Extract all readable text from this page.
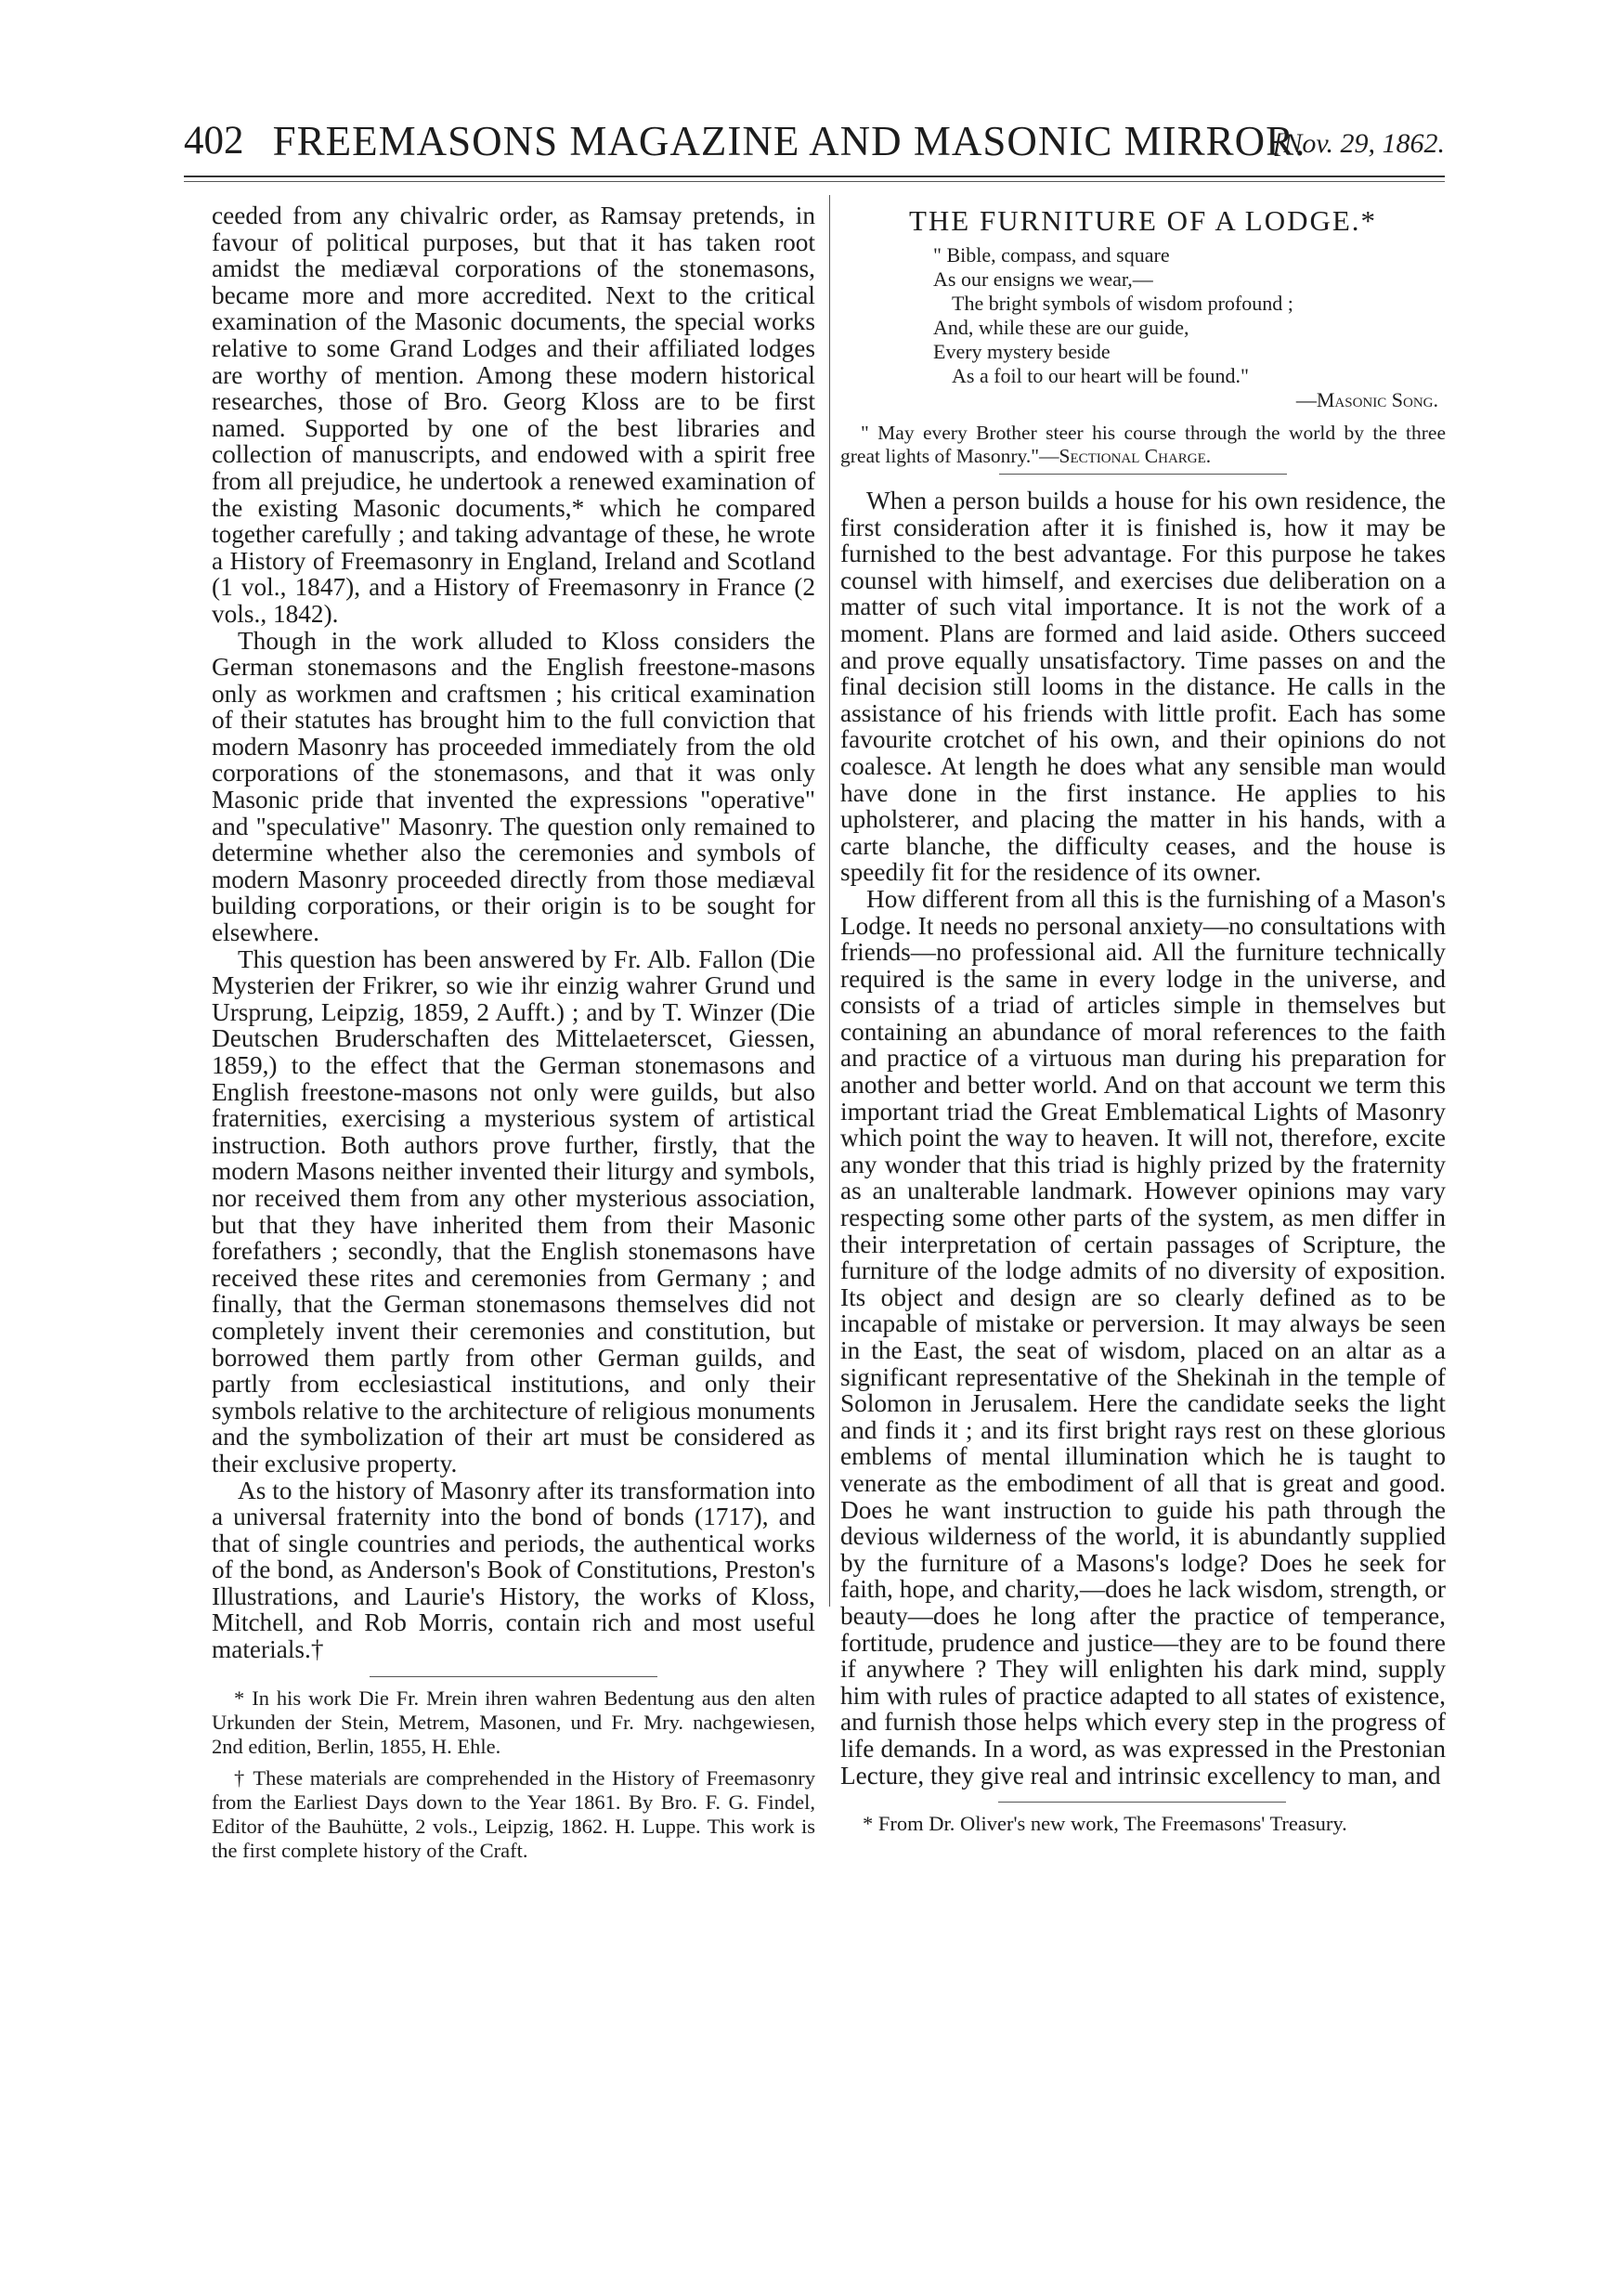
402 FREEMASONS MAGAZINE AND MASONIC MIRROR.
[Nov. 29, 1862.

ceeded from any chivalric order, as Ramsay pretends, in favour of political purposes, but that it has taken root amidst the mediæval corporations of the stonemasons, became more and more accredited. Next to the critical examination of the Masonic documents, the special works relative to some Grand Lodges and their affiliated lodges are worthy of mention. Among these modern historical researches, those of Bro. Georg Kloss are to be first named. Supported by one of the best libraries and collection of manuscripts, and endowed with a spirit free from all prejudice, he undertook a renewed examination of the existing Masonic documents,* which he compared together carefully ; and taking advantage of these, he wrote a History of Freemasonry in England, Ireland and Scotland (1 vol., 1847), and a History of Freemasonry in France (2 vols., 1842).

Though in the work alluded to Kloss considers the German stonemasons and the English freestone-masons only as workmen and craftsmen ; his critical examination of their statutes has brought him to the full conviction that modern Masonry has proceeded immediately from the old corporations of the stonemasons, and that it was only Masonic pride that invented the expressions "operative" and "speculative" Masonry. The question only remained to determine whether also the ceremonies and symbols of modern Masonry proceeded directly from those mediæval building corporations, or their origin is to be sought for elsewhere.

This question has been answered by Fr. Alb. Fallon (Die Mysterien der Frikrer, so wie ihr einzig wahrer Grund und Ursprung, Leipzig, 1859, 2 Aufft.) ; and by T. Winzer (Die Deutschen Bruderschaften des Mittelaeterscet, Giessen, 1859,) to the effect that the German stonemasons and English freestone-masons not only were guilds, but also fraternities, exercising a mysterious system of artistical instruction. Both authors prove further, firstly, that the modern Masons neither invented their liturgy and symbols, nor received them from any other mysterious association, but that they have inherited them from their Masonic forefathers ; secondly, that the English stonemasons have received these rites and ceremonies from Germany ; and finally, that the German stonemasons themselves did not completely invent their ceremonies and constitution, but borrowed them partly from other German guilds, and partly from ecclesiastical institutions, and only their symbols relative to the architecture of religious monuments and the symbolization of their art must be considered as their exclusive property.

As to the history of Masonry after its transformation into a universal fraternity into the bond of bonds (1717), and that of single countries and periods, the authentical works of the bond, as Anderson's Book of Constitutions, Preston's Illustrations, and Laurie's History, the works of Kloss, Mitchell, and Rob Morris, contain rich and most useful materials.†

* In his work Die Fr. Mrein ihren wahren Bedentung aus den alten Urkunden der Stein, Metrem, Masonen, und Fr. Mry. nachgewiesen, 2nd edition, Berlin, 1855, H. Ehle.

† These materials are comprehended in the History of Freemasonry from the Earliest Days down to the Year 1861. By Bro. F. G. Findel, Editor of the Bauhütte, 2 vols., Leipzig, 1862. H. Luppe. This work is the first complete history of the Craft.

THE FURNITURE OF A LODGE.*
" Bible, compass, and square
As our ensigns we wear,—
The bright symbols of wisdom profound ;
And, while these are our guide,
Every mystery beside
As a foil to our heart will be found."
—Masonic Song.

" May every Brother steer his course through the world by the three great lights of Masonry."—Sectional Charge.

When a person builds a house for his own residence, the first consideration after it is finished is, how it may be furnished to the best advantage. For this purpose he takes counsel with himself, and exercises due deliberation on a matter of such vital importance. It is not the work of a moment. Plans are formed and laid aside. Others succeed and prove equally unsatisfactory. Time passes on and the final decision still looms in the distance. He calls in the assistance of his friends with little profit. Each has some favourite crotchet of his own, and their opinions do not coalesce. At length he does what any sensible man would have done in the first instance. He applies to his upholsterer, and placing the matter in his hands, with a carte blanche, the difficulty ceases, and the house is speedily fit for the residence of its owner.

How different from all this is the furnishing of a Mason's Lodge. It needs no personal anxiety—no consultations with friends—no professional aid. All the furniture technically required is the same in every lodge in the universe, and consists of a triad of articles simple in themselves but containing an abundance of moral references to the faith and practice of a virtuous man during his preparation for another and better world. And on that account we term this important triad the Great Emblematical Lights of Masonry which point the way to heaven. It will not, therefore, excite any wonder that this triad is highly prized by the fraternity as an unalterable landmark. However opinions may vary respecting some other parts of the system, as men differ in their interpretation of certain passages of Scripture, the furniture of the lodge admits of no diversity of exposition. Its object and design are so clearly defined as to be incapable of mistake or perversion. It may always be seen in the East, the seat of wisdom, placed on an altar as a significant representative of the Shekinah in the temple of Solomon in Jerusalem. Here the candidate seeks the light and finds it ; and its first bright rays rest on these glorious emblems of mental illumination which he is taught to venerate as the embodiment of all that is great and good. Does he want instruction to guide his path through the devious wilderness of the world, it is abundantly supplied by the furniture of a Masons's lodge? Does he seek for faith, hope, and charity,—does he lack wisdom, strength, or beauty—does he long after the practice of temperance, fortitude, prudence and justice—they are to be found there if anywhere ? They will enlighten his dark mind, supply him with rules of practice adapted to all states of existence, and furnish those helps which every step in the progress of life demands. In a word, as was expressed in the Prestonian Lecture, they give real and intrinsic excellency to man, and

* From Dr. Oliver's new work, The Freemasons' Treasury.
